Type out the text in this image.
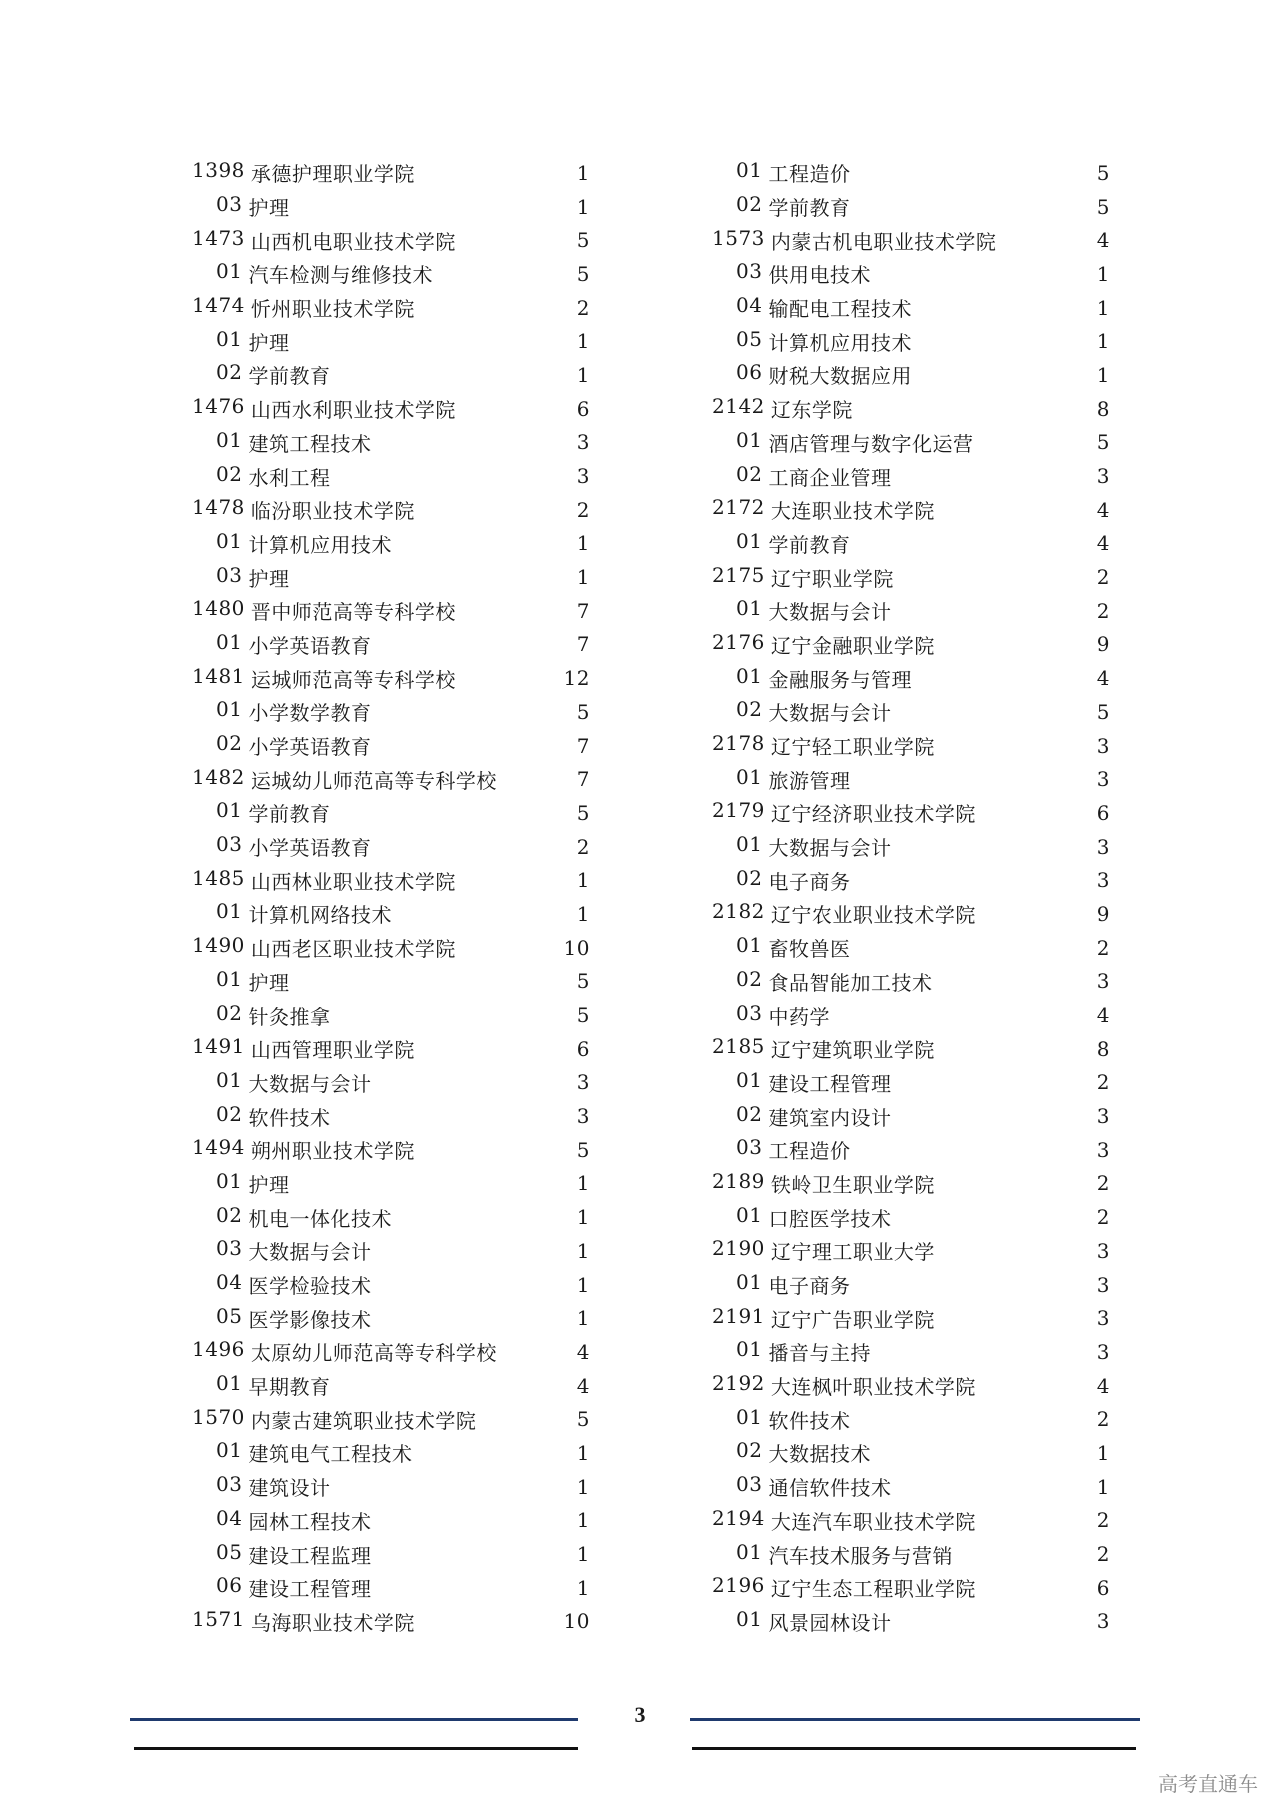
1398 承德护理职业学院	1
03 护理	1
1473 山西机电职业技术学院	5
01 汽车检测与维修技术	5
1474 忻州职业技术学院	2
01 护理	1
02 学前教育	1
1476 山西水利职业技术学院	6
01 建筑工程技术	3
02 水利工程	3
1478 临汾职业技术学院	2
01 计算机应用技术	1
03 护理	1
1480 晋中师范高等专科学校	7
01 小学英语教育	7
1481 运城师范高等专科学校	12
01 小学数学教育	5
02 小学英语教育	7
1482 运城幼儿师范高等专科学校	7
01 学前教育	5
03 小学英语教育	2
1485 山西林业职业技术学院	1
01 计算机网络技术	1
1490 山西老区职业技术学院	10
01 护理	5
02 针灸推拿	5
1491 山西管理职业学院	6
01 大数据与会计	3
02 软件技术	3
1494 朔州职业技术学院	5
01 护理	1
02 机电一体化技术	1
03 大数据与会计	1
04 医学检验技术	1
05 医学影像技术	1
1496 太原幼儿师范高等专科学校	4
01 早期教育	4
1570 内蒙古建筑职业技术学院	5
01 建筑电气工程技术	1
03 建筑设计	1
04 园林工程技术	1
05 建设工程监理	1
06 建设工程管理	1
1571 乌海职业技术学院	10
01 工程造价	5
02 学前教育	5
1573 内蒙古机电职业技术学院	4
03 供用电技术	1
04 输配电工程技术	1
05 计算机应用技术	1
06 财税大数据应用	1
2142 辽东学院	8
01 酒店管理与数字化运营	5
02 工商企业管理	3
2172 大连职业技术学院	4
01 学前教育	4
2175 辽宁职业学院	2
01 大数据与会计	2
2176 辽宁金融职业学院	9
01 金融服务与管理	4
02 大数据与会计	5
2178 辽宁轻工职业学院	3
01 旅游管理	3
2179 辽宁经济职业技术学院	6
01 大数据与会计	3
02 电子商务	3
2182 辽宁农业职业技术学院	9
01 畜牧兽医	2
02 食品智能加工技术	3
03 中药学	4
2185 辽宁建筑职业学院	8
01 建设工程管理	2
02 建筑室内设计	3
03 工程造价	3
2189 铁岭卫生职业学院	2
01 口腔医学技术	2
2190 辽宁理工职业大学	3
01 电子商务	3
2191 辽宁广告职业学院	3
01 播音与主持	3
2192 大连枫叶职业技术学院	4
01 软件技术	2
02 大数据技术	1
03 通信软件技术	1
2194 大连汽车职业技术学院	2
01 汽车技术服务与营销	2
2196 辽宁生态工程职业学院	6
01 风景园林设计	3
3
高考直通车
